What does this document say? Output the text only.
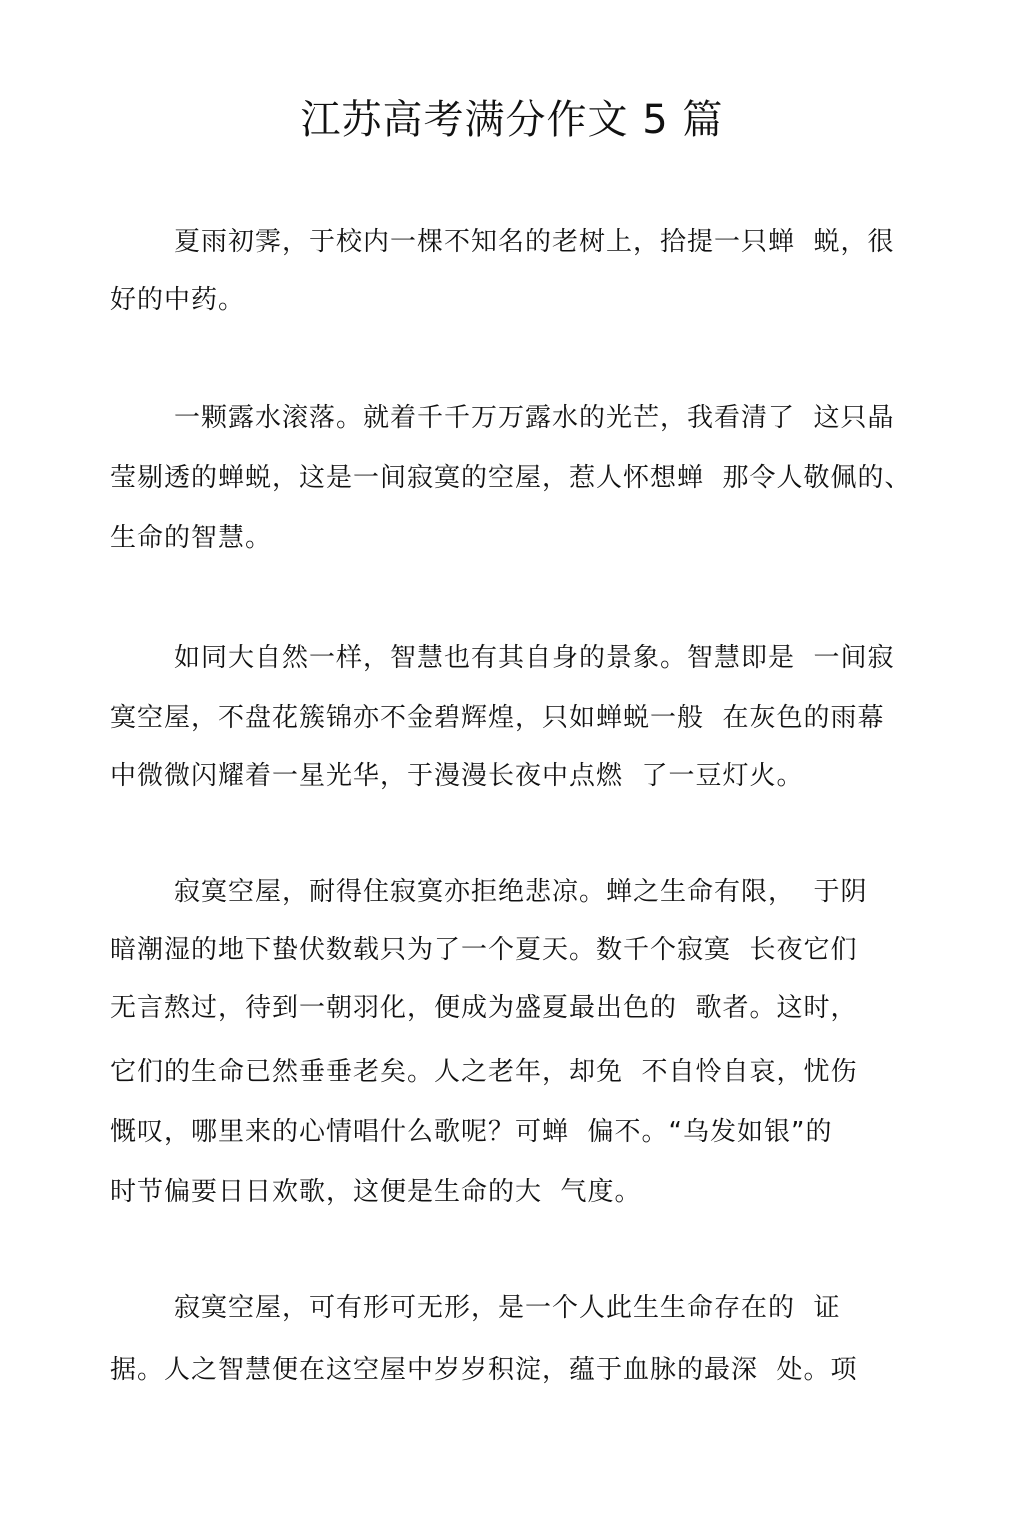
江苏高考满分作文 5 篇
夏雨初霁，于校内一棵不知名的老树上，拾提一只蝉  蜕，很
好的中药。
一颗露水滚落。就着千千万万露水的光芒，我看清了  这只晶
莹剔透的蝉蜕，这是一间寂寞的空屋，惹人怀想蝉  那令人敬佩的、
生命的智慧。
如同大自然一样，智慧也有其自身的景象。智慧即是  一间寂
寞空屋，不盘花簇锦亦不金碧辉煌，只如蝉蜕一般  在灰色的雨幕
中微微闪耀着一星光华，于漫漫长夜中点燃  了一豆灯火。
寂寞空屋，耐得住寂寞亦拒绝悲凉。蝉之生命有限，  于阴
暗潮湿的地下蛰伏数载只为了一个夏天。数千个寂寞  长夜它们
无言熬过，待到一朝羽化，便成为盛夏最出色的  歌者。这时，
它们的生命已然垂垂老矣。人之老年，却免  不自怜自哀，忧伤
慨叹，哪里来的心情唱什么歌呢？可蝉  偏不。“乌发如银”的
时节偏要日日欢歌，这便是生命的大  气度。
寂寞空屋，可有形可无形，是一个人此生生命存在的  证
据。人之智慧便在这空屋中岁岁积淀，蕴于血脉的最深  处。项
